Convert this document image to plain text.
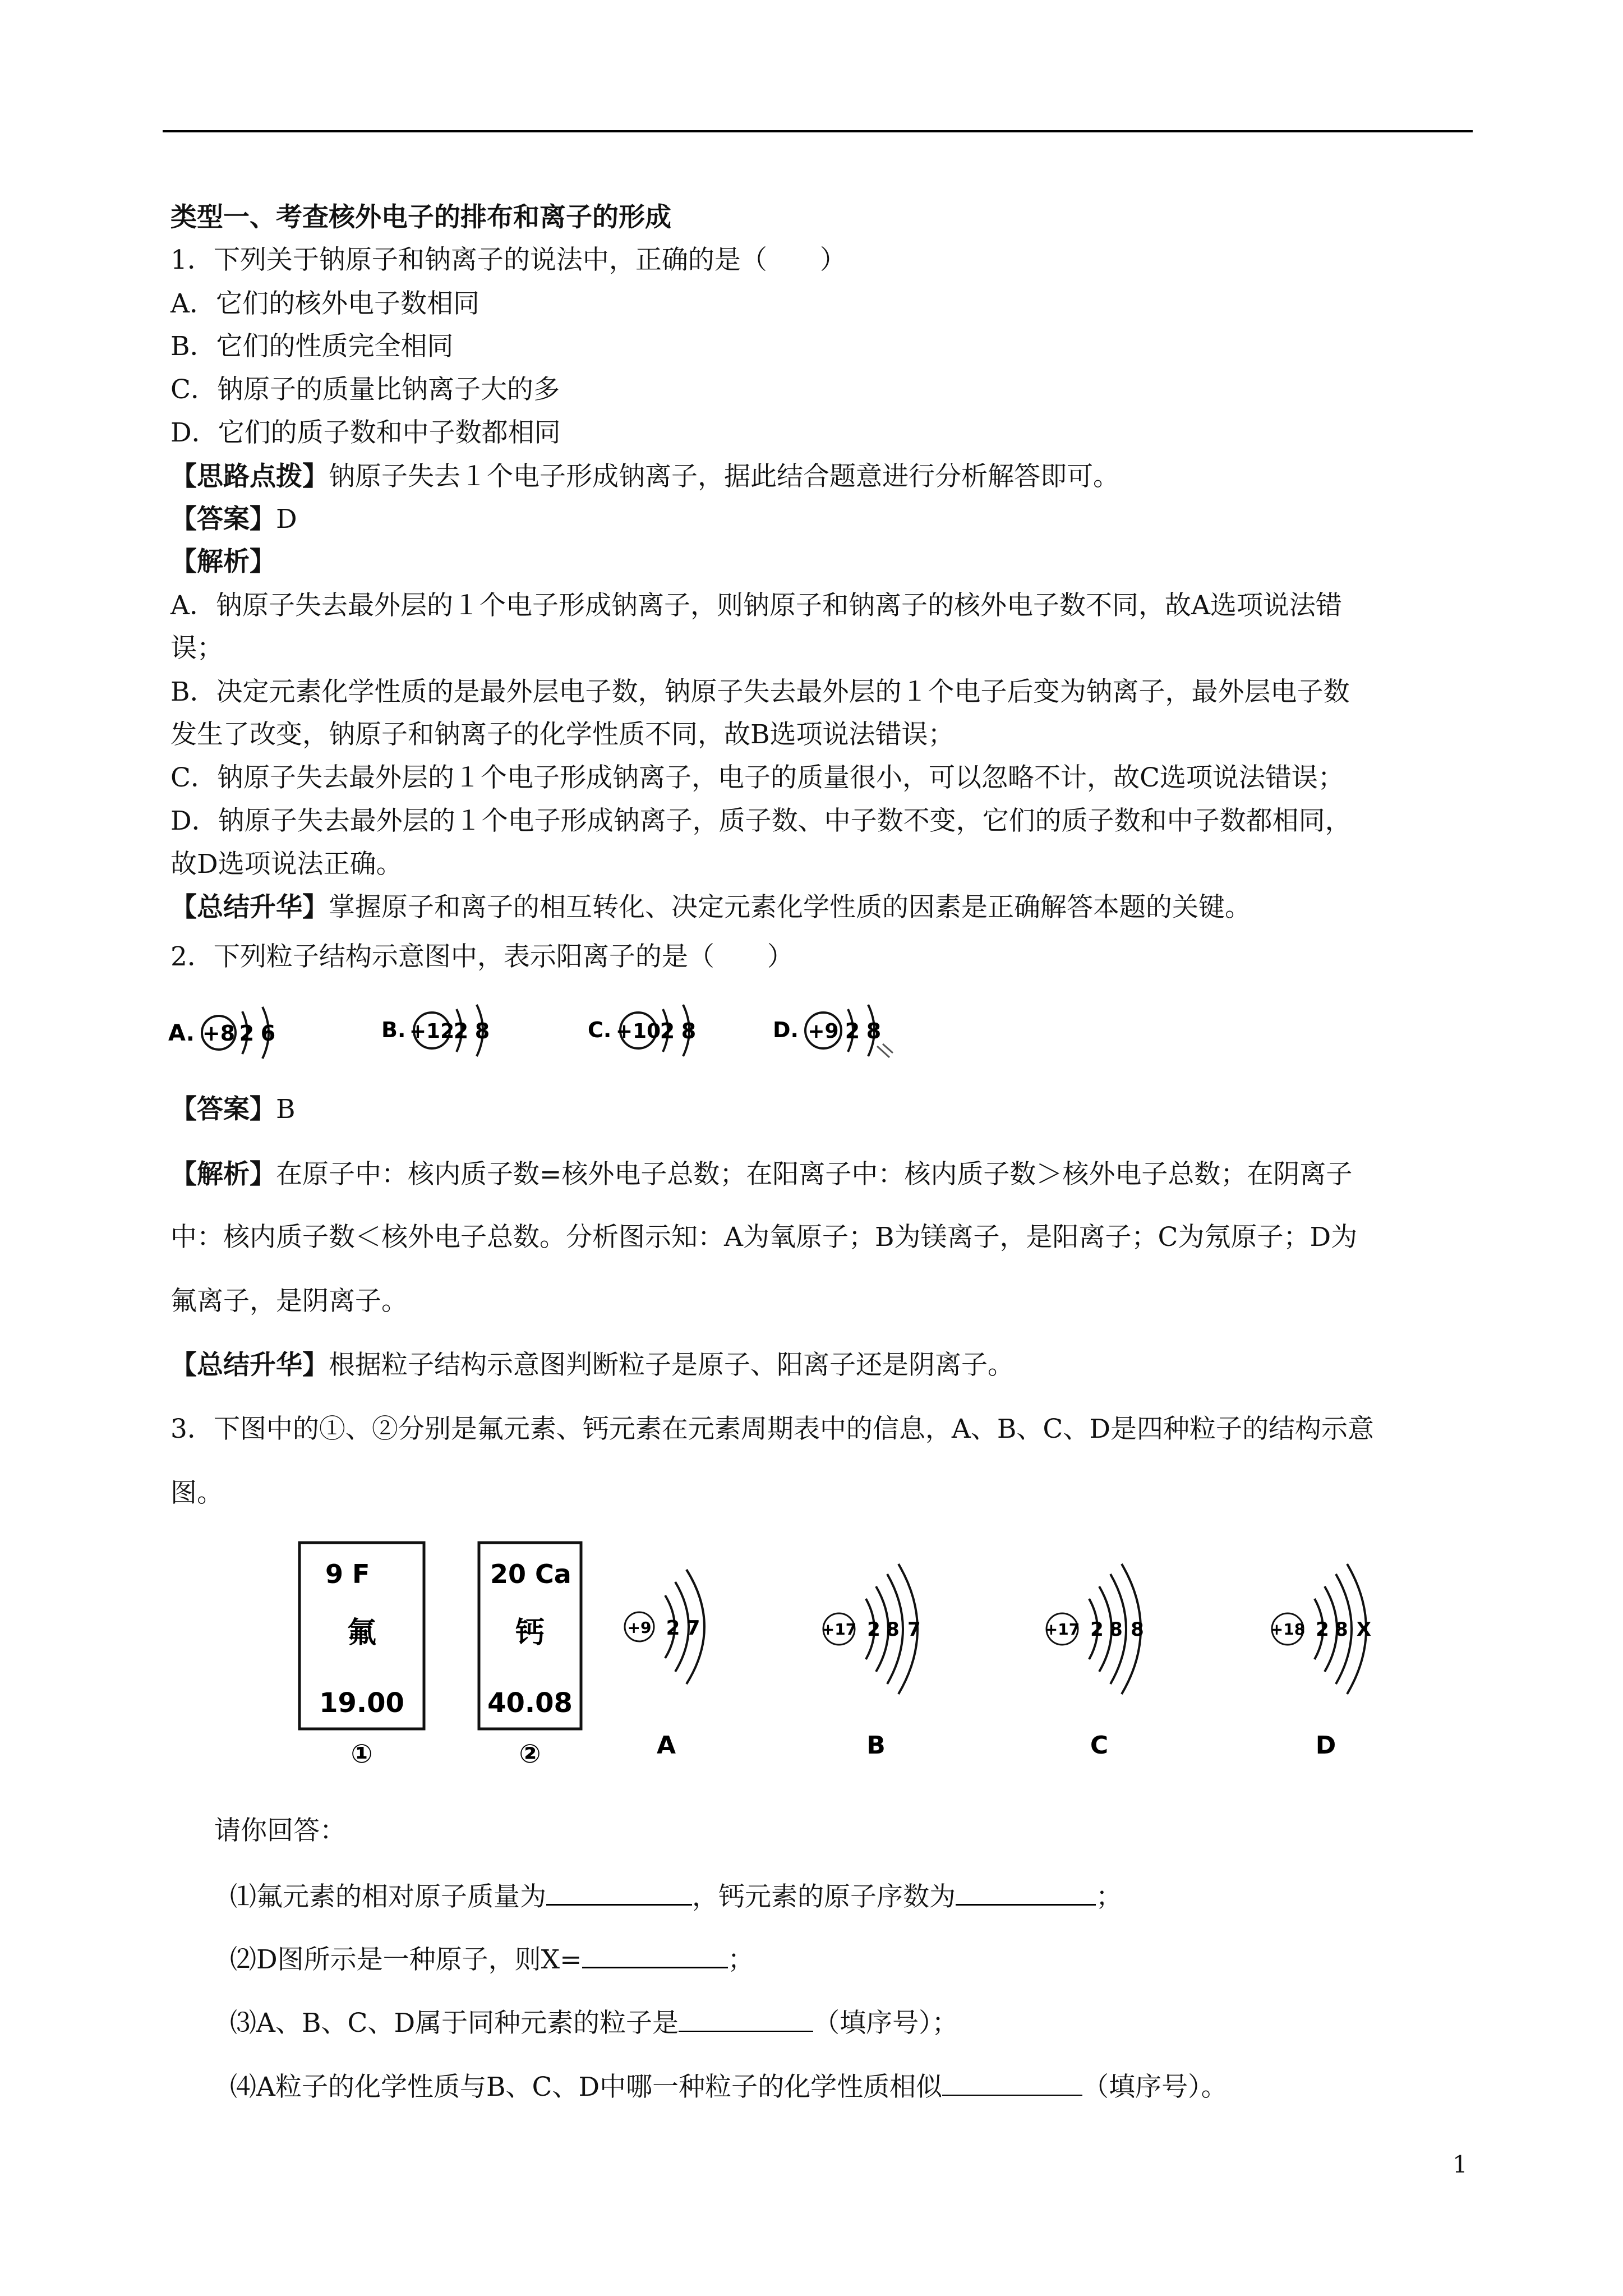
类型一、考查核外电子的排布和离子的形成
1．下列关于钠原子和钠离子的说法中，正确的是（　　）
A．它们的核外电子数相同
B．它们的性质完全相同
C．钠原子的质量比钠离子大的多
D．它们的质子数和中子数都相同
【思路点拨】钠原子失去１个电子形成钠离子，据此结合题意进行分析解答即可。
【答案】D
【解析】
A．钠原子失去最外层的１个电子形成钠离子，则钠原子和钠离子的核外电子数不同，故A选项说法错
误；
B．决定元素化学性质的是最外层电子数，钠原子失去最外层的１个电子后变为钠离子，最外层电子数
发生了改变，钠原子和钠离子的化学性质不同，故B选项说法错误；
C．钠原子失去最外层的１个电子形成钠离子，电子的质量很小，可以忽略不计，故C选项说法错误；
D．钠原子失去最外层的１个电子形成钠离子，质子数、中子数不变，它们的质子数和中子数都相同，
故D选项说法正确。
【总结升华】掌握原子和离子的相互转化、决定元素化学性质的因素是正确解答本题的关键。
2．下列粒子结构示意图中，表示阳离子的是（　　）
A. +8 2 6	B. +12
2 8	C. +10
2 8	D. +9 2 8
【答案】B
【解析】在原子中：核内质子数=核外电子总数；在阳离子中：核内质子数＞核外电子总数；在阴离子
中：核内质子数＜核外电子总数。分析图示知：A为氧原子；B为镁离子，是阳离子；C为氖原子；D为
氟离子，是阴离子。
【总结升华】根据粒子结构示意图判断粒子是原子、阳离子还是阴离子。
3．下图中的①、②分别是氟元素、钙元素在元素周期表中的信息，A、B、C、D是四种粒子的结构示意
图。
9 F
氟
19.00
①
20 Ca
钙
40.08
②
+9 2 7
A
+17 2 8 7
B
+17 2 8 8
C
+18 2 8 X
D
请你回答：
⑴氟元素的相对原子质量为	，钙元素的原子序数为	；
⑵D图所示是一种原子，则X=	；
⑶A、B、C、D属于同种元素的粒子是	（填序号）；
⑷A粒子的化学性质与B、C、D中哪一种粒子的化学性质相似	（填序号）。
1
